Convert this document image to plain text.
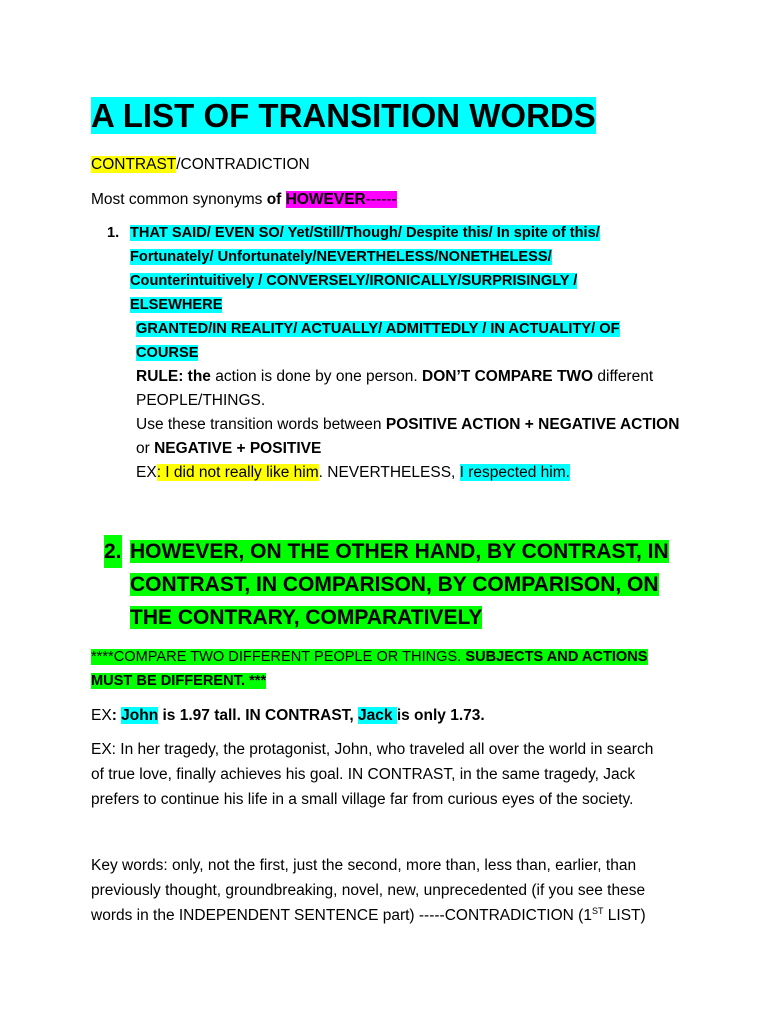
A LIST OF TRANSITION WORDS
CONTRAST/CONTRADICTION
Most common synonyms of HOWEVER------
1. THAT SAID/ EVEN SO/ Yet/Still/Though/ Despite this/ In spite of this/
Fortunately/ Unfortunately/NEVERTHELESS/NONETHELESS/
Counterintuitively / CONVERSELY/IRONICALLY/SURPRISINGLY /
ELSEWHERE
GRANTED/IN REALITY/ ACTUALLY/ ADMITTEDLY / IN ACTUALITY/ OF
COURSE
RULE: the action is done by one person. DON’T COMPARE TWO different
PEOPLE/THINGS.
Use these transition words between POSITIVE ACTION + NEGATIVE ACTION
or NEGATIVE + POSITIVE
EX: I did not really like him. NEVERTHELESS, I respected him.
2. HOWEVER, ON THE OTHER HAND, BY CONTRAST, IN
CONTRAST, IN COMPARISON, BY COMPARISON, ON
THE CONTRARY, COMPARATIVELY
****COMPARE TWO DIFFERENT PEOPLE OR THINGS. SUBJECTS AND ACTIONS
MUST BE DIFFERENT. ***
EX: John is 1.97 tall. IN CONTRAST, Jack is only 1.73.
EX: In her tragedy, the protagonist, John, who traveled all over the world in search
of true love, finally achieves his goal. IN CONTRAST, in the same tragedy, Jack
prefers to continue his life in a small village far from curious eyes of the society.
Key words: only, not the first, just the second, more than, less than, earlier, than
previously thought, groundbreaking, novel, new, unprecedented (if you see these
words in the INDEPENDENT SENTENCE part) -----CONTRADICTION (1ST LIST)
